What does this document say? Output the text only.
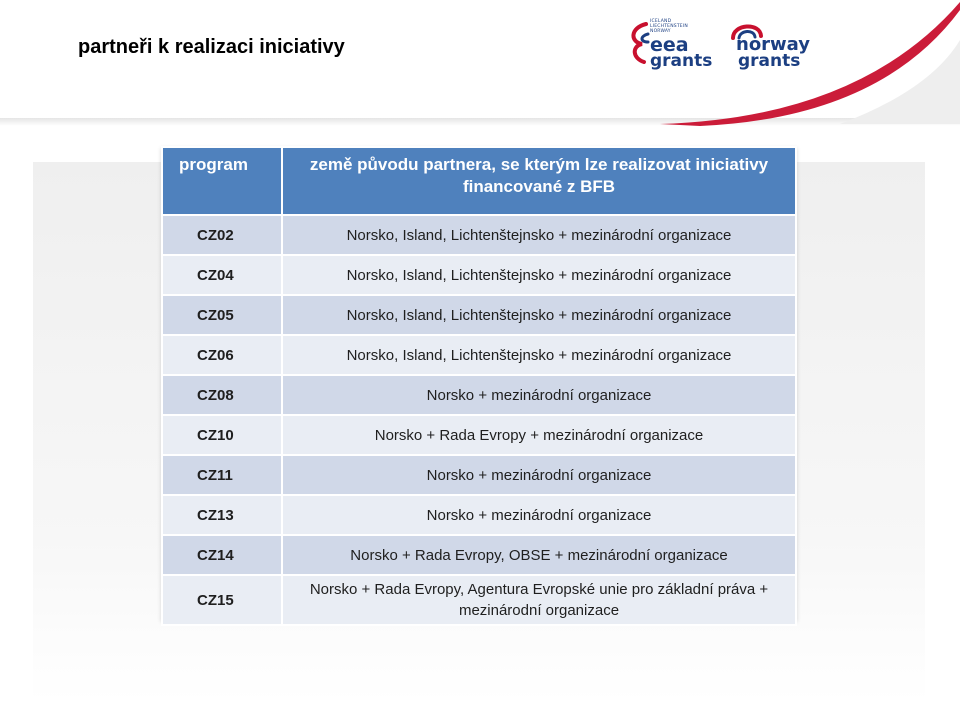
partneři k realizaci iniciativy
ICELAND
LIECHTENSTEIN
NORWAY
eea
grants
norway
grants
program	země původu partnera, se kterým lze realizovat iniciativy financované z BFB
CZ02	Norsko, Island, Lichtenštejnsko + mezinárodní organizace
CZ04	Norsko, Island, Lichtenštejnsko + mezinárodní organizace
CZ05	Norsko, Island, Lichtenštejnsko + mezinárodní organizace
CZ06	Norsko, Island, Lichtenštejnsko + mezinárodní organizace
CZ08	Norsko + mezinárodní organizace
CZ10	Norsko + Rada Evropy + mezinárodní organizace
CZ11	Norsko + mezinárodní organizace
CZ13	Norsko + mezinárodní organizace
CZ14	Norsko + Rada Evropy, OBSE + mezinárodní organizace
CZ15	Norsko + Rada Evropy, Agentura Evropské unie pro základní práva + mezinárodní organizace
